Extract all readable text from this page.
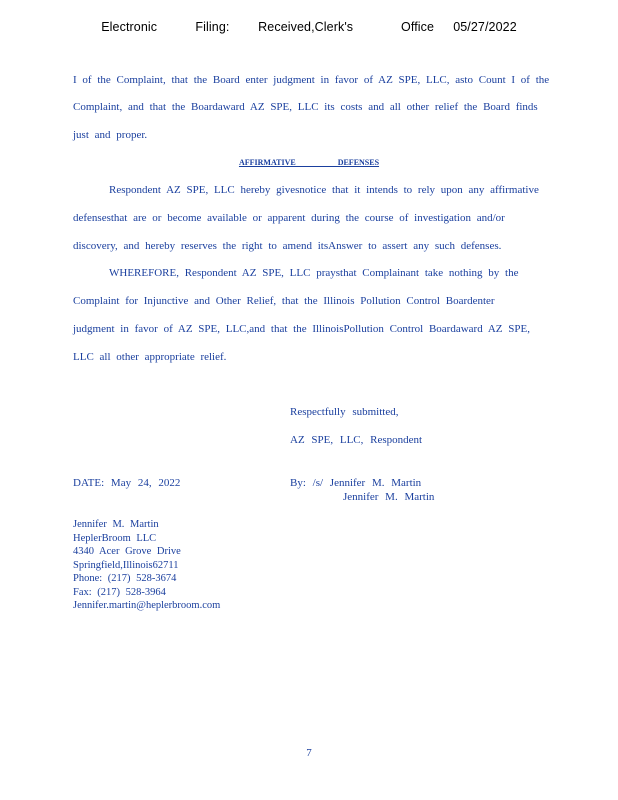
Electronic    Filing:   Received,Clerk's     Office  05/27/2022
I of the Complaint, that the Board enter judgment in favor of AZ SPE, LLC, asto Count I of the
Complaint, and that the Boardaward AZ SPE, LLC its costs and all other relief the Board finds
just and proper.
AFFIRMATIVE DEFENSES
Respondent AZ SPE, LLC hereby givesnotice that it intends to rely upon any affirmative
defensesthat are or become available or apparent during the course of investigation and/or
discovery, and hereby reserves the right to amend itsAnswer to assert any such defenses.
WHEREFORE, Respondent AZ SPE, LLC praysthat Complainant take nothing by the
Complaint for Injunctive and Other Relief, that the Illinois Pollution Control Boardenter
judgment in favor of AZ SPE, LLC,and that the IllinoisPollution Control Boardaward AZ SPE,
LLC all other appropriate relief.
Respectfully submitted,
AZ SPE, LLC, Respondent
DATE: May 24, 2022	By: /s/ Jennifer M. Martin
Jennifer M. Martin
Jennifer M. Martin
HeplerBroom LLC
4340 Acer Grove Drive
Springfield,Illinois62711
Phone: (217) 528-3674
Fax: (217) 528-3964
Jennifer.martin@heplerbroom.com
7
